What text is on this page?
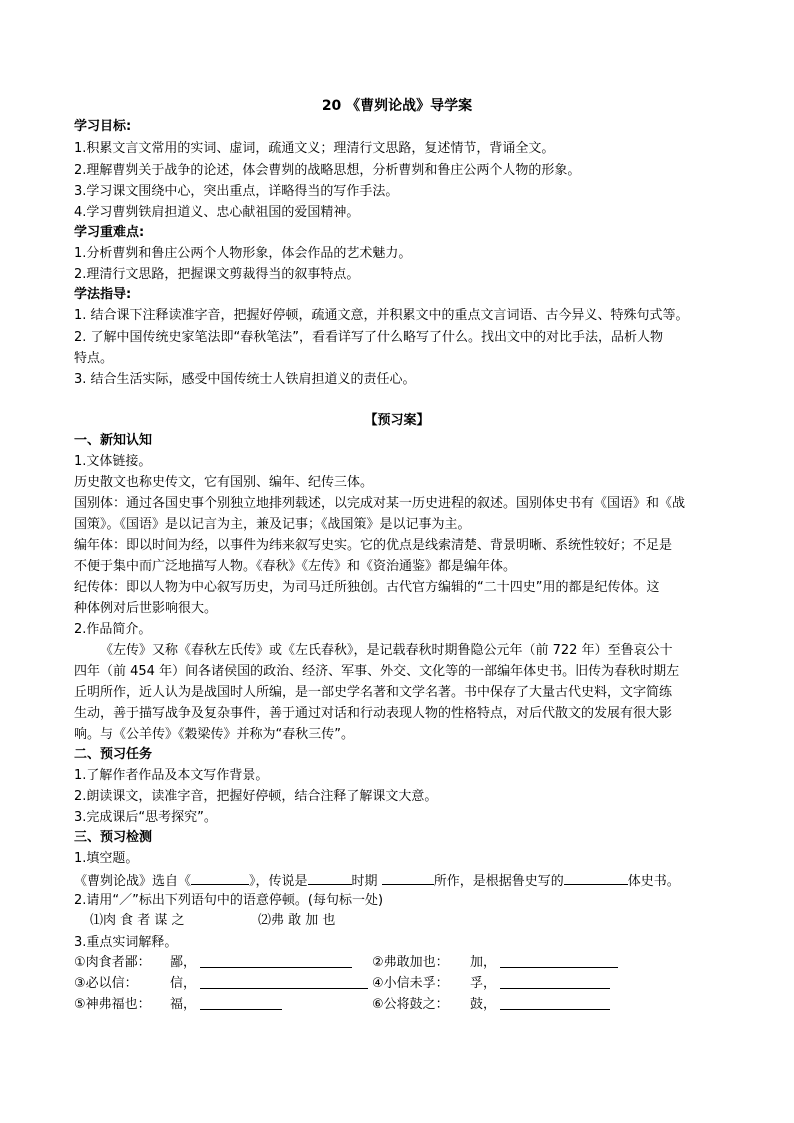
20 《曹刿论战》导学案
学习目标:
1.积累文言文常用的实词、虚词，疏通文义；理清行文思路，复述情节，背诵全文。
2.理解曹刿关于战争的论述，体会曹刿的战略思想，分析曹刿和鲁庄公两个人物的形象。
3.学习课文围绕中心，突出重点，详略得当的写作手法。
4.学习曹刿铁肩担道义、忠心献祖国的爱国精神。
学习重难点:
1.分析曹刿和鲁庄公两个人物形象，体会作品的艺术魅力。
2.理清行文思路，把握课文剪裁得当的叙事特点。
学法指导:
1. 结合课下注释读准字音，把握好停顿，疏通文意，并积累文中的重点文言词语、古今异义、特殊句式等。
2. 了解中国传统史家笔法即“春秋笔法”，看看详写了什么略写了什么。找出文中的对比手法，品析人物
特点。
3. 结合生活实际，感受中国传统士人铁肩担道义的责任心。
【预习案】
一、新知认知
1.文体链接。
历史散文也称史传文，它有国别、编年、纪传三体。
国别体：通过各国史事个别独立地排列载述，以完成对某一历史进程的叙述。国别体史书有《国语》和《战
国策》。《国语》是以记言为主，兼及记事；《战国策》是以记事为主。
编年体：即以时间为经，以事件为纬来叙写史实。它的优点是线索清楚、背景明晰、系统性较好；不足是
不便于集中而广泛地描写人物。《春秋》《左传》和《资治通鉴》都是编年体。
纪传体：即以人物为中心叙写历史，为司马迁所独创。古代官方编辑的“二十四史”用的都是纪传体。这
种体例对后世影响很大。
2.作品简介。
《左传》又称《春秋左氏传》或《左氏春秋》，是记载春秋时期鲁隐公元年（前 722 年）至鲁哀公十
四年（前 454 年）间各诸侯国的政治、经济、军事、外交、文化等的一部编年体史书。旧传为春秋时期左
丘明所作，近人认为是战国时人所编，是一部史学名著和文学名著。书中保存了大量古代史料，文字简练
生动，善于描写战争及复杂事件，善于通过对话和行动表现人物的性格特点，对后代散文的发展有很大影
响。与《公羊传》《穀梁传》并称为“春秋三传”。
二、预习任务
1.了解作者作品及本文写作背景。
2.朗读课文，读准字音，把握好停顿，结合注释了解课文大意。
3.完成课后“思考探究”。
三、预习检测
1.填空题。
《曹刿论战》选自《	》，传说是	时期	所作，是根据鲁史写的	体史书。
2.请用“／”标出下列语句中的语意停顿。(每句标一处)
⑴肉 食 者 谋 之	⑵弗 敢 加 也
3.重点实词解释。
①肉食者鄙： 鄙，	②弗敢加也： 加，
③必以信： 信，	④小信未孚： 孚，
⑤神弗福也： 福，	⑥公将鼓之： 鼓，
